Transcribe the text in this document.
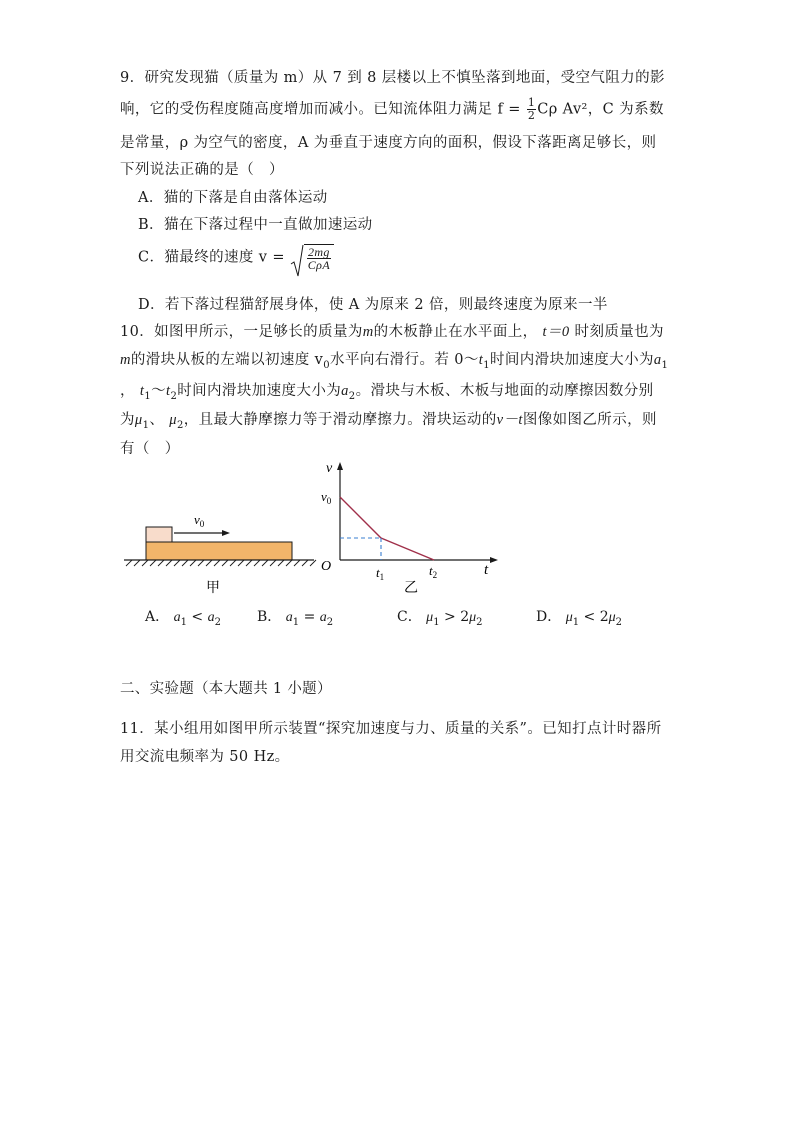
9．研究发现猫（质量为 m）从 7 到 8 层楼以上不慎坠落到地面，受空气阻力的影
响，它的受伤程度随高度增加而减小。已知流体阻力满足 $f = \frac{1}{2}$ Cρ Av²，C 为系数
是常量，ρ 为空气的密度，A 为垂直于速度方向的面积，假设下落距离足够长，则
下列说法正确的是（　）
A．猫的下落是自由落体运动
B．猫在下落过程中一直做加速运动
C．猫最终的速度 $v = \frac{2mg}{\text{CρA}}$
D．若下落过程猫舒展身体，使 A 为原来 2 倍，则最终速度为原来一半
10．如图甲所示，一足够长的质量为m的木板静止在水平面上， t＝0 时刻质量也为
m的滑块从板的左端以初速度 $v_0$水平向右滑行。若 $0\sim t_1$时间内滑块加速度大小为$a_1$
， $t_1\sim t_2$时间内滑块加速度大小为$a_2$。滑块与木板、木板与地面的动摩擦因数分别
为$\mu_1$、 $\mu_2$，且最大静摩擦力等于滑动摩擦力。滑块运动的v－t图像如图乙所示，则
有（　）
$v_0$
甲
v
t
O
$v_0$
$t_1$	$t_2$
乙
A． $a_1 < a_2$	B． $a_1 = a_2$	C． $\mu_1 > 2\mu_2$	D． $\mu_1 < 2\mu_2$
二、实验题（本大题共 1 小题）
11．某小组用如图甲所示装置“探究加速度与力、质量的关系”。已知打点计时器所
用交流电频率为 50 Hz。
